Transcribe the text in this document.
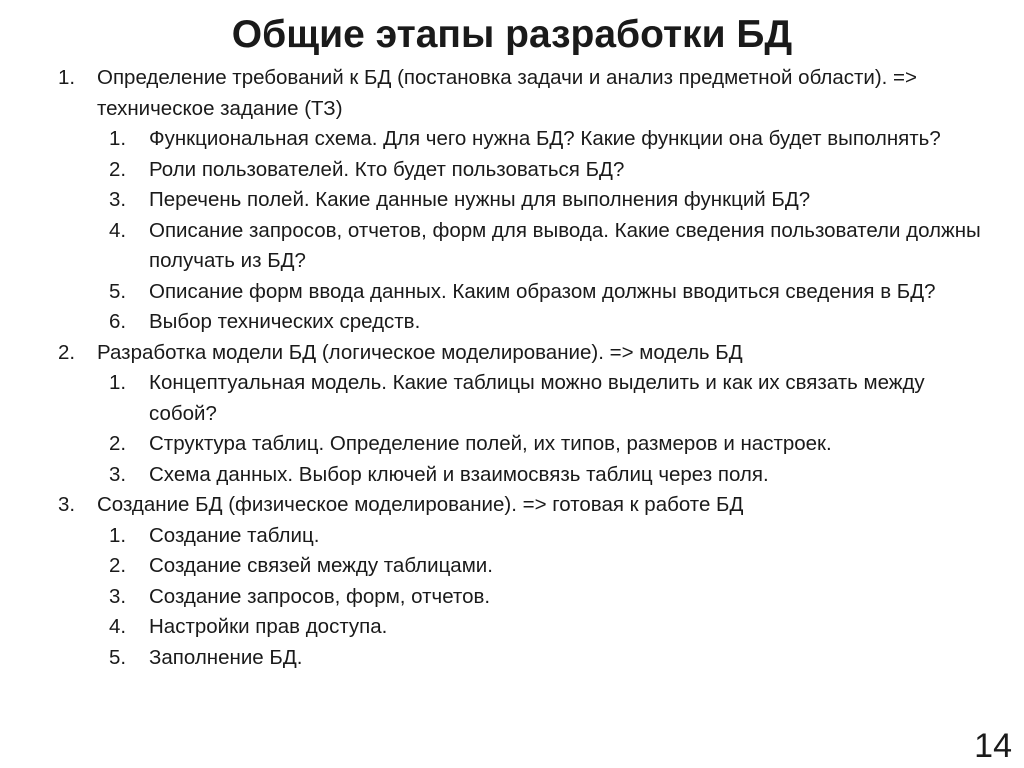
Общие этапы разработки БД
1. Определение требований к БД (постановка задачи и анализ предметной области). => техническое задание (ТЗ)
1. Функциональная схема. Для чего нужна БД? Какие функции она будет выполнять?
2. Роли пользователей. Кто будет пользоваться БД?
3. Перечень полей. Какие данные нужны для выполнения функций БД?
4. Описание запросов, отчетов, форм для вывода. Какие сведения пользователи должны получать из БД?
5. Описание форм ввода данных. Каким образом должны вводиться сведения в БД?
6. Выбор технических средств.
2. Разработка модели БД (логическое моделирование). => модель БД
1. Концептуальная модель. Какие таблицы можно выделить и как их связать между собой?
2. Структура таблиц. Определение полей, их типов, размеров и настроек.
3. Схема данных. Выбор ключей и взаимосвязь таблиц через поля.
3. Создание БД (физическое моделирование). => готовая к работе БД
1. Создание таблиц.
2. Создание связей между таблицами.
3. Создание запросов, форм, отчетов.
4. Настройки прав доступа.
5. Заполнение БД.
14
